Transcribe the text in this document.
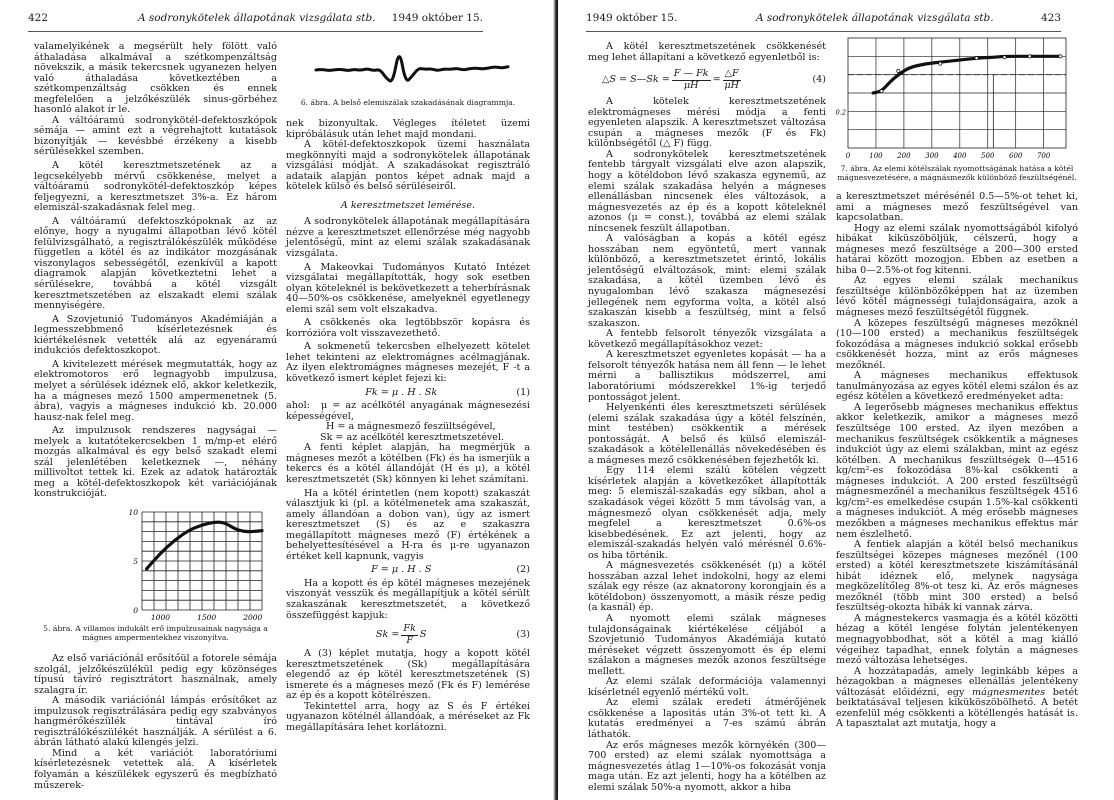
422	A sodronykötelek állapotának vizsgálata stb. 1949 október 15.

valamelyikének a megsérült hely fölött való áthaladása alkalmával a szétkompenzáltság növekszik, a másik tekercsnek ugyanezen helyen való áthaladása következtében a szétkompenzáltság csökken és ennek megfelelően a jelzőkészülék sinus-görbéhez hasonló alakot ír le.

A váltóáramú sodronykötél-defektoszkópok sémája — amint ezt a végrehajtott kutatások bizonyítják — kevésbbé érzékeny a kisebb sérülésekkel szemben.

A kötél keresztmetszetének az a legcsekélyebb mérvű csökkenése, melyet a váltóáramú sodronykötél-defektoszkóp képes feljegyezni, a keresztmetszet 3%-a. Ez három elemiszál-szakadásnak felel meg.

A váltóáramú defektoszkópoknak az az előnye, hogy a nyugalmi állapotban lévő kötél felülvizsgálható, a regisztrálókészülék működése független a kötél és az indikátor mozgásának viszonylagos sebességétől, ezenkívül a kapott diagramok alapján következtetni lehet a sérülésekre, továbbá a kötél vizsgált keresztmetszetében az elszakadt elemi szálak mennyiségére.

A Szovjetunió Tudományos Akadémiáján a legmesszebbmenő kísérletezésnek és kiértékelésnek vetették alá az egyenáramú indukciós defektoszkopot.

A kivitelezett mérések megmutatták, hogy az elektromotoros erő legnagyobb impulzusa, melyet a sérülések idéznek elő, akkor keletkezik, ha a mágneses mező 1500 ampermenetnek (5. ábra), vagyis a mágneses indukció kb. 20.000 hausz-nak felel meg.

Az impulzusok rendszeres nagyságai — melyek a kutatótekercsekben 1 m/mp-et elérő mozgás alkalmával és egy belső szakadt elemi szál jelenlétében keletkeznek —, néhány millivoltot tettek ki. Ezek az adatok határozták meg a kötél-defektoszkopok két variációjának konstrukcióját.

0
5
10
1000	1500	2000
5. ábra. A villamos indukált erő impulzusainak nagysága a mágnes ampermentekhez viszonyítva.

Az első variációnál erősítőül a fotorele sémája szolgál, jelzőkészülékül pedig egy közönséges típusú távíró regisztrátort használnak, amely szalagra ír.

A második variációnál lámpás erősítőket az impulzusok regisztrálására pedig egy szabványos hangmérőkészülék tintával író regisztrálókészülékét használják. A sérülést a 6. ábrán látható alakú kilengés jelzi.

Mind a két variációt laboratóriumi kísérletezésnek vetettek alá. A kísérletek folyamán a készülékek egyszerű és megbízható műszerek-

6. ábra. A belső elemiszálak szakadásának diagrammja.

nek bizonyultak. Végleges ítéletet üzemi kipróbálásuk után lehet majd mondani.

A kötél-defektoszkopok üzemi használata megkönnyíti majd a sodronykötelek állapotának vizsgálási módját. A szakadásokat regisztráló adataik alapján pontos képet adnak majd a kötelek külső és belső sérüléseiről.

A keresztmetszet lemérése.

A sodronykötelek állapotának megállapítására nézve a keresztmetszet ellenőrzése még nagyobb jelentőségű, mint az elemi szálak szakadásának vizsgálata.

A Makeovkai Tudományos Kutató Intézet vizsgálatai megállapították, hogy sok esetben olyan köteleknél is bekövetkezett a teherbírásnak 40—50%-os csökkenése, amelyeknél egyetlenegy elemi szál sem volt elszakadva.

A csökkenés oka legtöbbször kopásra és korrózióra volt visszavezethető.

A sokmenetű tekercsben elhelyezett kötelet lehet tekinteni az elektromágnes acélmagjának. Az ilyen elektromágnes mágneses mezejét, F -t a következő ismert képlet fejezi ki:

Fk = μ . H . Sk	(1)

ahol: μ = az acélkötél anyagának mágnesezési képességével,
H = a mágnesmező feszültségével,
Sk = az acélkötél keresztmetszetével.

A fenti képlet alapján, ha megmérjük a mágneses mezőt a kötélben (Fk) és ha ismerjük a tekercs és a kötél állandóját (H és μ), a kötél keresztmetszetét (Sk) könnyen ki lehet számítani.

Ha a kötél érintetlen (nem kopott) szakaszát választjuk ki (pl. a kötélmenetek ama szakaszát, amely állandóan a dobon van), úgy az ismert keresztmetszet (S) és az e szakaszra megállapított mágneses mező (F) értékének a behelyettesítésével a H-ra és μ-re ugyanazon értéket kell kapnunk, vagyis

F = μ . H . S	(2)

Ha a kopott és ép kötél mágneses mezejének viszonyát vesszük és megállapítjuk a kötél sérült szakaszának keresztmetszetét, a következő összefüggést kapjuk:

$Sk = \frac{Fk}{F}$ S	(3)

A (3) képlet mutatja, hogy a kopott kötél keresztmetszetének (Sk) megállapítására elegendő az ép kötél keresztmetszetének (S) ismerete és a mágneses mező (Fk és F) lemérése az ép és a kopott kötélrészen.

Tekintettel arra, hogy az S és F értékei ugyanazon kötélnél állandóak, a méréseket az Fk megállapítására lehet korlátozni.

1949 október 15.	A sodronykötelek állapotának vizsgálata stb.	423

A kötél keresztmetszetének csökkenését meg lehet állapítani a következő egyenletből is:

△S = S—Sk = $\frac{F — Fk}{\mu H} = \frac{\triangle F}{\mu H}$	(4)

A kötelek keresztmetszetének elektromágneses mérési módja a fenti egyenleten alapszik. A keresztmetszet változása csupán a mágneses mezők (F és Fk) különbségétől (△ F) függ.

A sodronykötelek keresztmetszetének fentebb tárgyalt vizsgálati elve azon alapszik, hogy a kötéldobon lévő szakasza egynemű, az elemi szálak szakadása helyén a mágneses ellenállásban nincsenek éles változások, a mágnesvezetés az ép és a kopott köteleknél azonos (μ = const.), továbbá az elemi szálak nincsenek feszült állapotban.

A valóságban a kopás a kötél egész hosszában nem egyöntetű, mert vannak különböző, a keresztmetszetet érintő, lokális jelentőségű elváltozások, mint: elemi szálak szakadása, a kötél üzemben lévő és nyugalomban lévő szakasza mágnesezési jellegének nem egyforma volta, a kötél alsó szakaszán kisebb a feszültség, mint a felső szakaszon.

A fentebb felsorolt tényezők vizsgálata a következő megállapításokhoz vezet:

A keresztmetszet egyenletes kopását — ha a felsorolt tényezők hatása nem áll fenn — le lehet mérni a ballisztikus módszerrel, ami laboratóriumi módszerekkel 1%-ig terjedő pontosságot jelent.

Helyenkénti éles keresztmetszeti sérülések (elemi szálak szakadása úgy a kötél felszínén, mint testében) csökkentik a mérések pontosságát. A belső és külső elemiszál-szakadások a kötélellenállás növekedésében és a mágneses mező csökkenésében fejezhetők ki.

Egy 114 elemi szálú kötélen végzett kísérletek alapján a következőket állapították meg: 5 elemiszál-szakadás egy síkban, ahol a szakadások végei között 5 mm távolság van, a mágnesmező olyan csökkenését adja, mely megfelel a keresztmetszet 0.6%-os kisebbedésének. Ez azt jelenti, hogy az elemiszál-szakadás helyén való mérésnél 0.6%-os hiba történik.

A mágnesvezetés csökkenését (μ) a kötél hosszában azzal lehet indokolni, hogy az elemi szálak egy része (az aknatorony korongjain és a kötéldobon) összenyomott, a másik része pedig (a kasnál) ép.

A nyomott elemi szálak mágneses tulajdonságainak kiértékelése céljából a Szovjetunió Tudományos Akadémiája kutató méréseket végzett összenyomott és ép elemi szálakon a mágneses mezők azonos feszültsége mellett.

Az elemi szálak deformációja valamennyi kísérletnél egyenlő mértékű volt.

Az elemi szálak eredeti átmérőjének csökkenése a lapositás után 3%-ot tett ki. A kutatás eredményei a 7-es számú ábrán láthatók.

Az erős mágneses mezők környékén (300—700 ersted) az elemi szálak nyomottsága a mágnesvezetés átlag 1—10%-os fokozását vonja maga után. Ez azt jelenti, hogy ha a kötélben az elemi szálak 50%-a nyomott, akkor a hiba

0	100 200 300 400 500 600 700
0.2
7. ábra. Az elemi kötélszálak nyomottságának hatása a kötél mágnesvezetésére, a mágnásmezők különböző feszültségénél.

a keresztmetszet mérésénél 0.5—5%-ot tehet ki, ami a mágneses mező feszültségével van kapcsolatban.

Hogy az elemi szálak nyomottságából kifolyó hibákat kiküszöböljük, célszerű, hogy a mágneses mező feszültsége a 200—300 ersted határai között mozogjon. Ebben az esetben a hiba 0—2.5%-ot fog kitenni.

Az egyes elemi szálak mechanikus feszültsége különbözőképpen hat az üzemben lévő kötél mágnességi tulajdonságaira, azok a mágneses mező feszültségétől függnek.

A közepes feszültségű mágneses mezőknél (10—100 ersted) a mechanikus feszültségek fokozódása a mágneses indukció sokkal erősebb csökkenését hozza, mint az erős mágneses mezőknél.

A mágneses mechanikus effektusok tanulmányozása az egyes kötél elemi szálon és az egész kötélen a következő eredményeket adta:

A legerősebb mágneses mechanikus effektus akkor keletkezik, amikor a mágneses mező feszültsége 100 ersted. Az ilyen mezőben a mechanikus feszültségek csökkentik a mágneses indukciót úgy az elemi szálakban, mint az egész kötélben. A mechanikus feszültségek 0—4516 kg/cm²-es fokozódása 8%-kal csökkenti a mágneses indukciót. A 200 ersted feszültségű mágnesmezőnél a mechanikus feszültségek 4516 kg/cm²-es emelkedése csupán 1.5%-kal csökkenti a mágneses indukciót. A még erősebb mágneses mezőkben a mágneses mechanikus effektus már nem észlelhető.

A fentiek alapján a kötél belső mechanikus feszültségei közepes mágneses mezőnél (100 ersted) a kötél keresztmetszete kiszámításánál hibát idéznek elő, melynek nagysága megközelítőleg 8%-ot tesz ki. Az erős mágneses mezőknél (több mint 300 ersted) a belső feszültség-okozta hibák ki vannak zárva.

A mágnestekercs vasmagja és a kötél közötti hézag a kötél lengése folytán jelentékenyen megnagyobbodhat, söt a kötél a mag kiálló végeihez tapadhat, ennek folytán a mágneses mező változása lehetséges.

A hozzátapadás, amely leginkább képes a hézagokban a mágneses ellenállás jelentékeny változását előidézni, egy mágnesmentes betét beiktatásával teljesen kiküköszöbölhető. A betét ezenfelül még csökkenti a kötéllengés hatását is. A tapasztalat azt mutatja, hogy a
